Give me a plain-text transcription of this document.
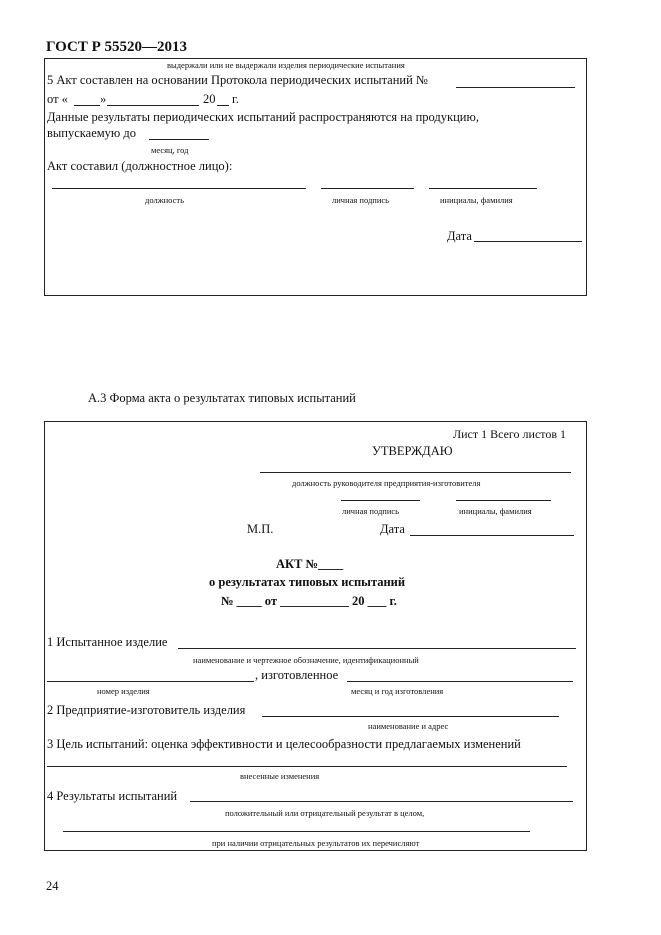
ГОСТ Р 55520—2013
выдержали или не выдержали изделия периодические испытания
5 Акт составлен на основании Протокола периодических испытаний №
от «	»	20 г.
Данные результаты периодических испытаний распространяются на продукцию,
выпускаемую до
месяц, год
Акт составил (должностное лицо):
должность	личная подпись	инициалы, фамилия
Дата
А.3 Форма акта о результатах типовых испытаний
Лист 1 Всего листов 1
УТВЕРЖДАЮ
должность руководителя предприятия-изготовителя
личная подпись	инициалы, фамилия
М.П.	Дата
АКТ №____
о результатах типовых испытаний
№ ____ от ___________ 20 ___ г.
1 Испытанное изделие
наименование и чертежное обозначение, идентификационный
, изготовленное
номер изделия	месяц и год изготовления
2 Предприятие-изготовитель изделия
наименование и адрес
3 Цель испытаний: оценка эффективности и целесообразности предлагаемых изменений
внесенные изменения
4 Результаты испытаний
положительный или отрицательный результат в целом,
при наличии отрицательных результатов их перечисляют
24
